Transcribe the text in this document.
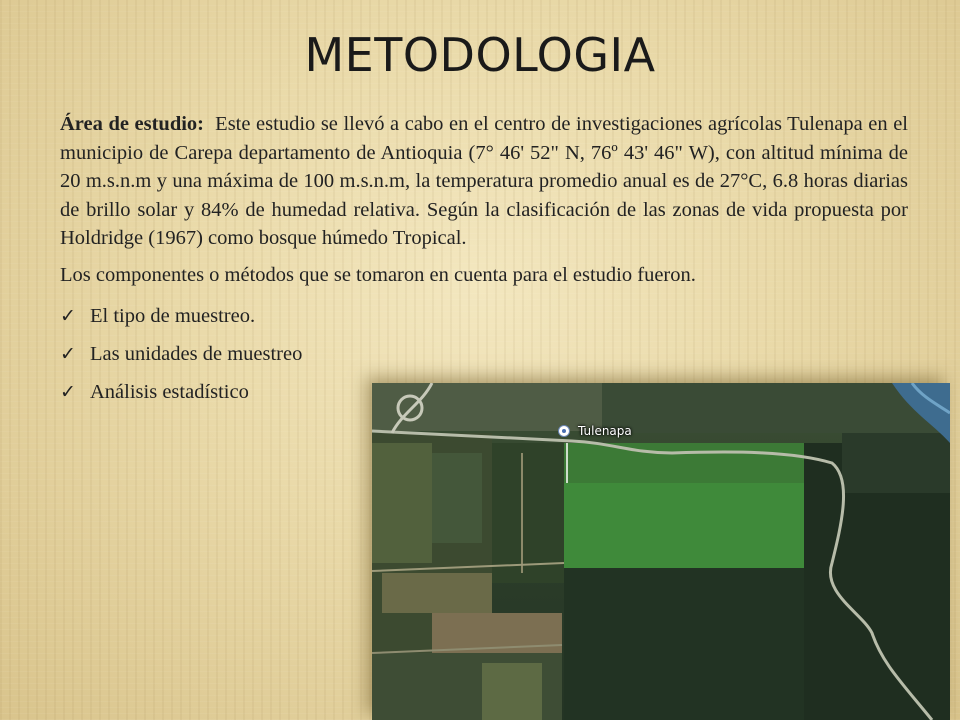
METODOLOGIA

Área de estudio: Este estudio se llevó a cabo en el centro de investigaciones agrícolas Tulenapa en el municipio de Carepa departamento de Antioquia (7° 46' 52" N, 76º 43' 46" W), con altitud mínima de 20 m.s.n.m y una máxima de 100 m.s.n.m, la temperatura promedio anual es de 27°C, 6.8 horas diarias de brillo solar y 84% de humedad relativa. Según la clasificación de las zonas de vida propuesta por Holdridge (1967) como bosque húmedo Tropical.

Los componentes o métodos que se tomaron en cuenta para el estudio fueron.

✓ El tipo de muestreo.
✓ Las unidades de muestreo
✓ Análisis estadístico
Tulenapa
